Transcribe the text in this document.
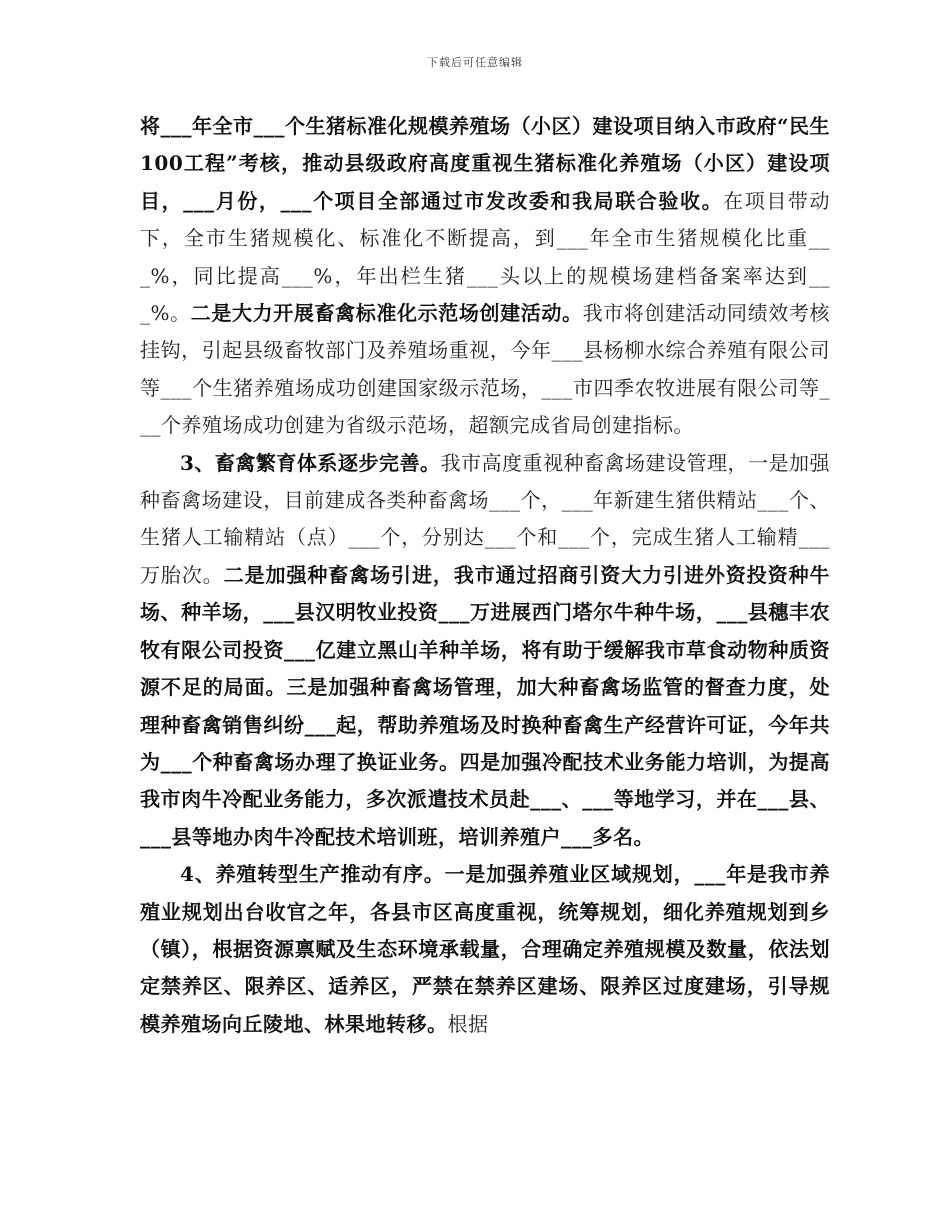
下载后可任意编辑

将___年全市___个生猪标准化规模养殖场（小区）建设项目纳入市政府“民生100工程”考核，推动县级政府高度重视生猪标准化养殖场（小区）建设项目，___月份，___个项目全部通过市发改委和我局联合验收。在项目带动下，全市生猪规模化、标准化不断提高，到___年全市生猪规模化比重___%，同比提高___%，年出栏生猪___头以上的规模场建档备案率达到___%。二是大力开展畜禽标准化示范场创建活动。我市将创建活动同绩效考核挂钩，引起县级畜牧部门及养殖场重视，今年___县杨柳水综合养殖有限公司等___个生猪养殖场成功创建国家级示范场，___市四季农牧进展有限公司等___个养殖场成功创建为省级示范场，超额完成省局创建指标。

3、畜禽繁育体系逐步完善。我市高度重视种畜禽场建设管理，一是加强种畜禽场建设，目前建成各类种畜禽场___个，___年新建生猪供精站___个、生猪人工输精站（点）___个，分别达___个和___个，完成生猪人工输精___万胎次。二是加强种畜禽场引进，我市通过招商引资大力引进外资投资种牛场、种羊场，___县汉明牧业投资___万进展西门塔尔牛种牛场，___县穗丰农牧有限公司投资___亿建立黑山羊种羊场，将有助于缓解我市草食动物种质资源不足的局面。三是加强种畜禽场管理，加大种畜禽场监管的督查力度，处理种畜禽销售纠纷___起，帮助养殖场及时换种畜禽生产经营许可证，今年共为___个种畜禽场办理了换证业务。四是加强冷配技术业务能力培训，为提高我市肉牛冷配业务能力，多次派遣技术员赴___、___等地学习，并在___县、___县等地办肉牛冷配技术培训班，培训养殖户___多名。

4、养殖转型生产推动有序。一是加强养殖业区域规划，___年是我市养殖业规划出台收官之年，各县市区高度重视，统筹规划，细化养殖规划到乡（镇），根据资源禀赋及生态环境承载量，合理确定养殖规模及数量，依法划定禁养区、限养区、适养区，严禁在禁养区建场、限养区过度建场，引导规模养殖场向丘陵地、林果地转移。根据
